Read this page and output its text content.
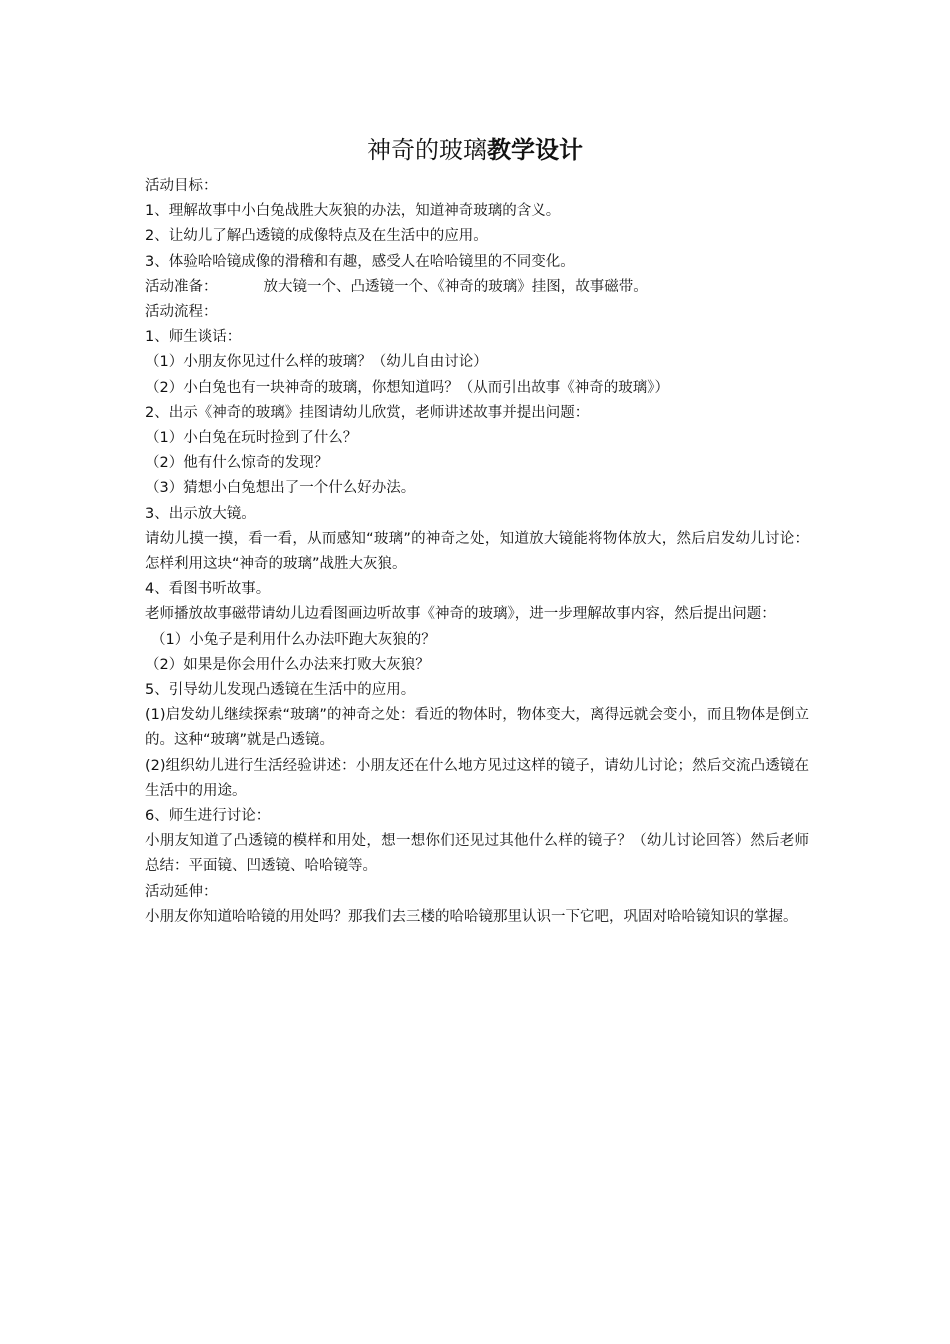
神奇的玻璃教学设计
活动目标：
1、理解故事中小白兔战胜大灰狼的办法，知道神奇玻璃的含义。
2、让幼儿了解凸透镜的成像特点及在生活中的应用。
3、体验哈哈镜成像的滑稽和有趣，感受人在哈哈镜里的不同变化。
活动准备：	放大镜一个、凸透镜一个、《神奇的玻璃》挂图，故事磁带。
活动流程：
1、师生谈话：
（1）小朋友你见过什么样的玻璃？（幼儿自由讨论）
（2）小白兔也有一块神奇的玻璃，你想知道吗？（从而引出故事《神奇的玻璃》）
2、出示《神奇的玻璃》挂图请幼儿欣赏，老师讲述故事并提出问题：
（1）小白兔在玩时捡到了什么？
（2）他有什么惊奇的发现？
（3）猜想小白兔想出了一个什么好办法。
3、出示放大镜。
请幼儿摸一摸，看一看，从而感知“玻璃”的神奇之处，知道放大镜能将物体放大，然后启发幼儿讨论：怎样利用这块“神奇的玻璃”战胜大灰狼。
4、看图书听故事。
老师播放故事磁带请幼儿边看图画边听故事《神奇的玻璃》，进一步理解故事内容，然后提出问题：
（1）小兔子是利用什么办法吓跑大灰狼的？
（2）如果是你会用什么办法来打败大灰狼？
5、引导幼儿发现凸透镜在生活中的应用。
(1)启发幼儿继续探索“玻璃”的神奇之处：看近的物体时，物体变大，离得远就会变小，而且物体是倒立的。这种“玻璃”就是凸透镜。
(2)组织幼儿进行生活经验讲述：小朋友还在什么地方见过这样的镜子，请幼儿讨论；然后交流凸透镜在生活中的用途。
6、师生进行讨论：
小朋友知道了凸透镜的模样和用处，想一想你们还见过其他什么样的镜子？（幼儿讨论回答）然后老师总结：平面镜、凹透镜、哈哈镜等。
活动延伸：
小朋友你知道哈哈镜的用处吗？那我们去三楼的哈哈镜那里认识一下它吧，巩固对哈哈镜知识的掌握。
